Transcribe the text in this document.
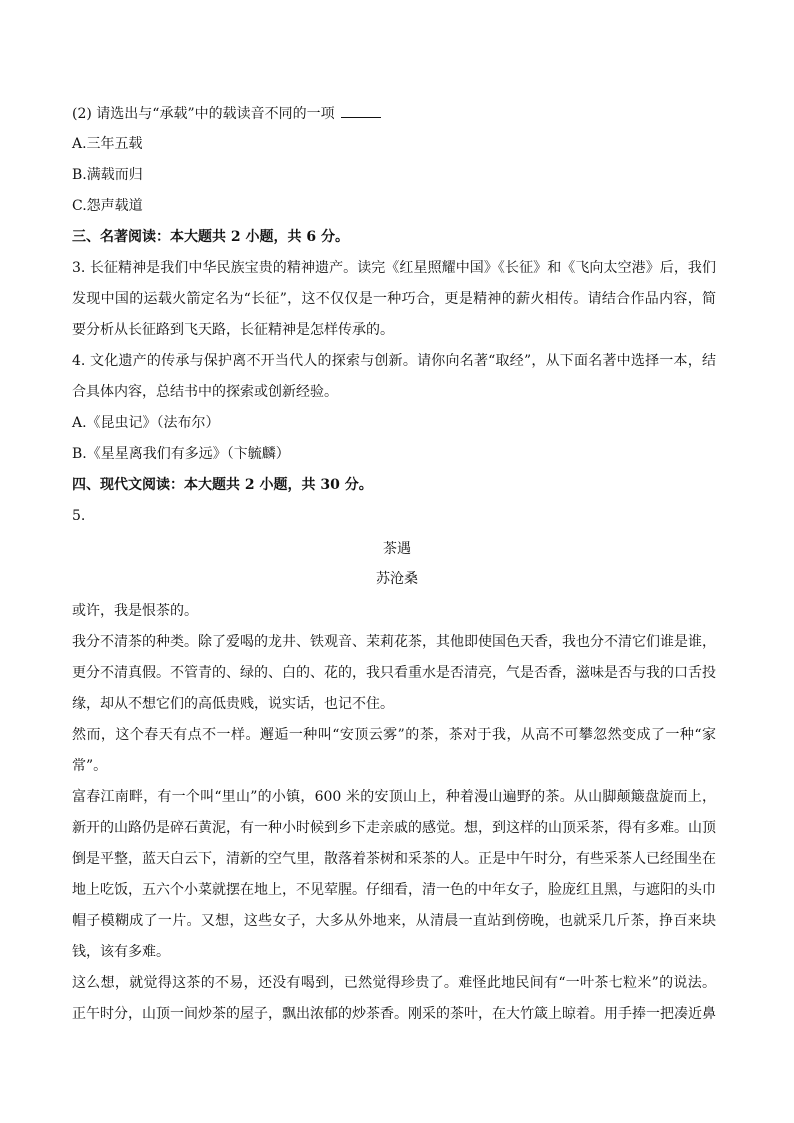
(2) 请选出与“承载”中的载读音不同的一项

A.三年五载

B.满载而归

C.怨声载道

三、名著阅读：本大题共 2 小题，共 6 分。

3. 长征精神是我们中华民族宝贵的精神遗产。读完《红星照耀中国》《长征》和《飞向太空港》后，我们

发现中国的运载火箭定名为“长征”，这不仅仅是一种巧合，更是精神的薪火相传。请结合作品内容，简

要分析从长征路到飞天路，长征精神是怎样传承的。

4. 文化遗产的传承与保护离不开当代人的探索与创新。请你向名著“取经”，从下面名著中选择一本，结

合具体内容，总结书中的探索或创新经验。

A.《昆虫记》（法布尔）

B.《星星离我们有多远》（卞毓麟）

四、现代文阅读：本大题共 2 小题，共 30 分。

5.

茶遇

苏沧桑

或许，我是恨茶的。

我分不清茶的种类。除了爱喝的龙井、铁观音、茉莉花茶，其他即使国色天香，我也分不清它们谁是谁，

更分不清真假。不管青的、绿的、白的、花的，我只看重水是否清亮，气是否香，滋味是否与我的口舌投

缘，却从不想它们的高低贵贱，说实话，也记不住。

然而，这个春天有点不一样。邂逅一种叫“安顶云雾”的茶，茶对于我，从高不可攀忽然变成了一种“家

常”。

富春江南畔，有一个叫“里山”的小镇，600 米的安顶山上，种着漫山遍野的茶。从山脚颠簸盘旋而上，

新开的山路仍是碎石黄泥，有一种小时候到乡下走亲戚的感觉。想，到这样的山顶采茶，得有多难。山顶

倒是平整，蓝天白云下，清新的空气里，散落着茶树和采茶的人。正是中午时分，有些采茶人已经围坐在

地上吃饭，五六个小菜就摆在地上，不见荤腥。仔细看，清一色的中年女子，脸庞红且黑，与遮阳的头巾

帽子模糊成了一片。又想，这些女子，大多从外地来，从清晨一直站到傍晚，也就采几斤茶，挣百来块

钱，该有多难。

这么想，就觉得这茶的不易，还没有喝到，已然觉得珍贵了。难怪此地民间有“一叶茶七粒米”的说法。

正午时分，山顶一间炒茶的屋子，飘出浓郁的炒茶香。刚采的茶叶，在大竹箴上晾着。用手捧一把凑近鼻
